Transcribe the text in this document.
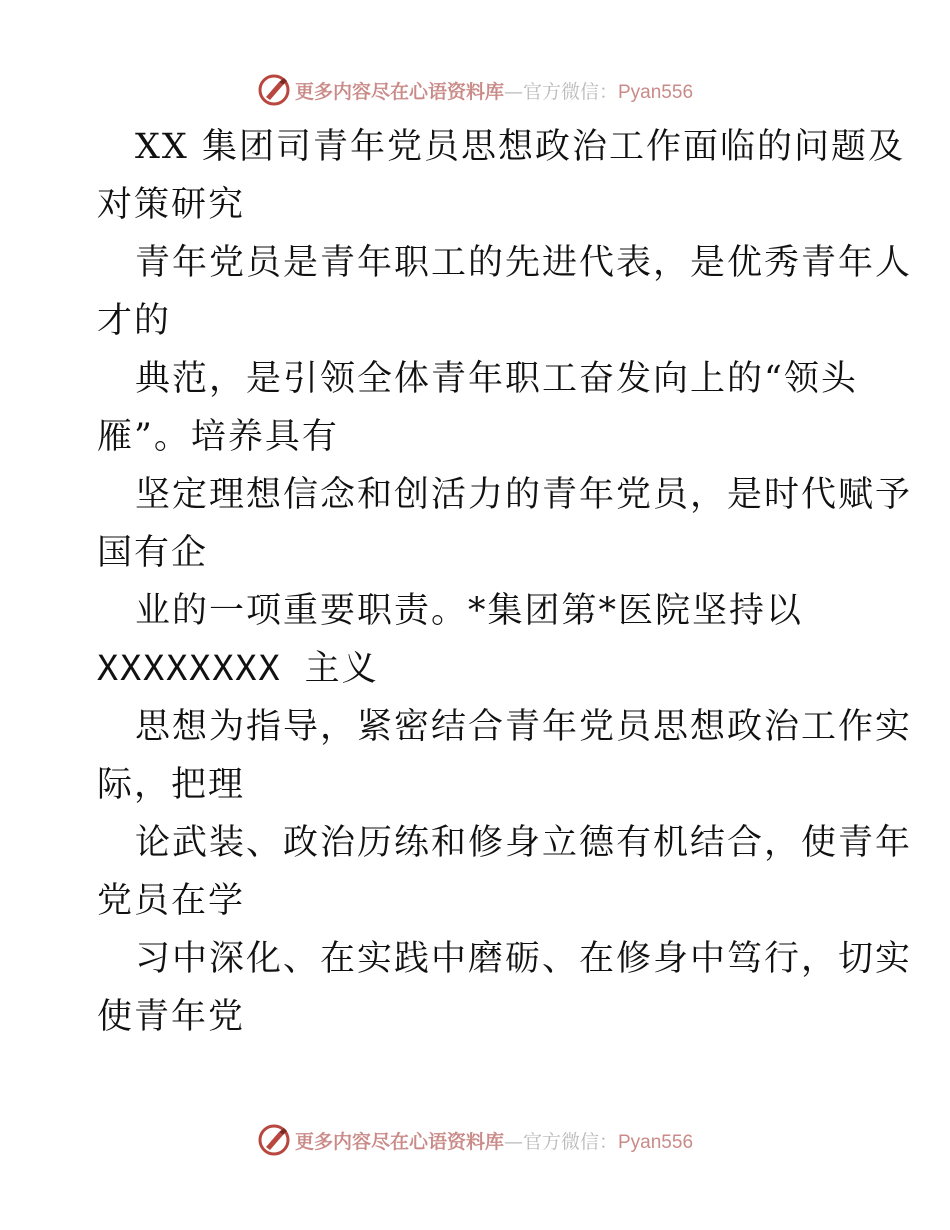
更多内容尽在心语资料库—官方微信：Pyan556
XX 集团司青年党员思想政治工作面临的问题及
对策研究
青年党员是青年职工的先进代表，是优秀青年人
才的
典范，是引领全体青年职工奋发向上的“领头
雁”。培养具有
坚定理想信念和创活力的青年党员，是时代赋予
国有企
业的一项重要职责。*集团第*医院坚持以
XXXXXXXX 主义
思想为指导，紧密结合青年党员思想政治工作实
际，把理
论武装、政治历练和修身立德有机结合，使青年
党员在学
习中深化、在实践中磨砺、在修身中笃行，切实
使青年党
更多内容尽在心语资料库—官方微信：Pyan556
